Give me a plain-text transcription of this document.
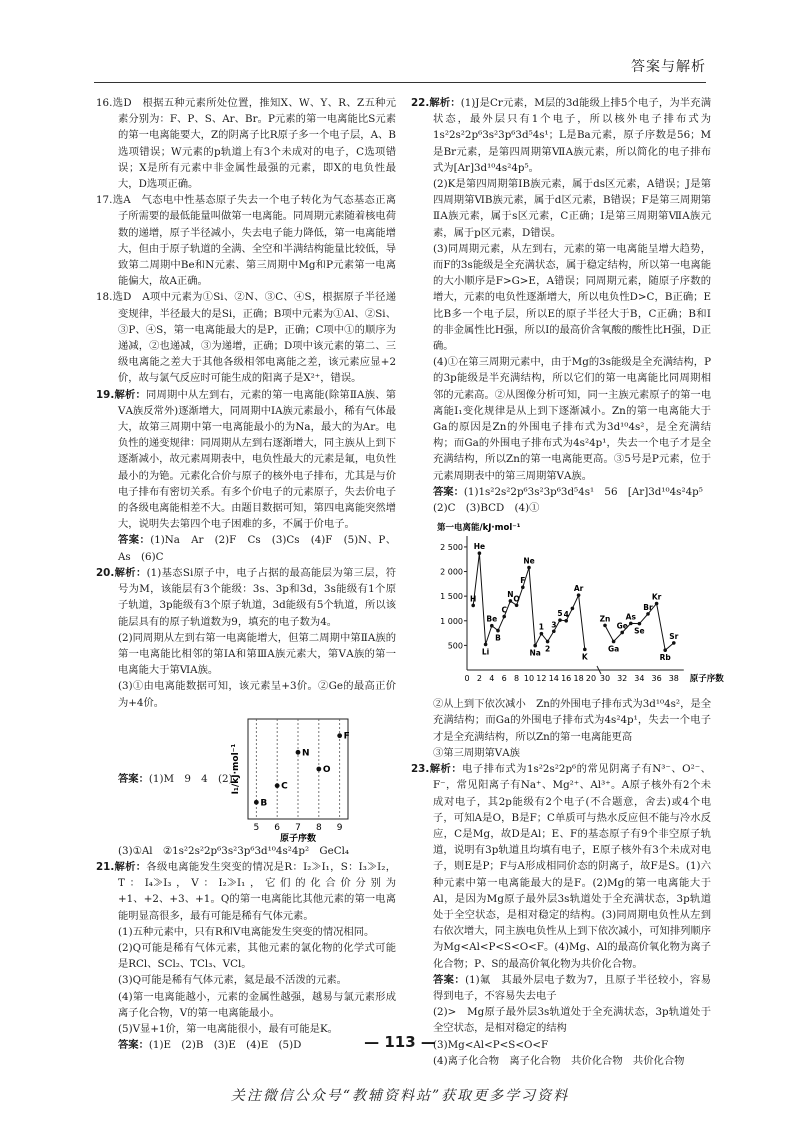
答案与解析

16.选D　根据五种元素所处位置，推知X、W、Y、R、Z五种元素分别为：F、P、S、Ar、Br。P元素的第一电离能比S元素的第一电离能要大，Z的阴离子比R原子多一个电子层，A、B选项错误；W元素的p轨道上有3个未成对的电子，C选项错误；X是所有元素中非金属性最强的元素，即X的电负性最大，D选项正确。

17.选A　气态电中性基态原子失去一个电子转化为气态基态正离子所需要的最低能量叫做第一电离能。同周期元素随着核电荷数的递增，原子半径减小，失去电子能力降低，第一电离能增大，但由于原子轨道的全满、全空和半满结构能量比较低，导致第二周期中Be和N元素、第三周期中Mg和P元素第一电离能偏大，故A正确。

18.选D　A项中元素为①Si、②N、③C、④S，根据原子半径递变规律，半径最大的是Si，正确；B项中元素为①Al、②Si、③P、④S，第一电离能最大的是P，正确；C项中①的顺序为递减，②也递减，③为递增，正确；D项中该元素的第二、三级电离能之差大于其他各级相邻电离能之差，该元素应显+2价，故与氯气反应时可能生成的阳离子是X²⁺，错误。

19.解析：同周期中从左到右，元素的第一电离能(除第ⅡA族、第ⅤA族反常外)逐渐增大，同周期中ⅠA族元素最小，稀有气体最大，故第三周期中第一电离能最小的为Na，最大的为Ar。电负性的递变规律：同周期从左到右逐渐增大，同主族从上到下逐渐减小，故元素周期表中，电负性最大的元素是氟，电负性最小的为铯。元素化合价与原子的核外电子排布，尤其是与价电子排布有密切关系。有多个价电子的元素原子，失去价电子的各级电离能相差不大。由题目数据可知，第四电离能突然增大，说明失去第四个电子困难的多，不属于价电子。

答案：(1)Na　Ar　(2)F　Cs　(3)Cs　(4)F　(5)N、P、As　(6)C

20.解析：(1)基态Si原子中，电子占据的最高能层为第三层，符号为M，该能层有3个能级：3s、3p和3d，3s能级有1个原子轨道，3p能级有3个原子轨道，3d能级有5个轨道，所以该能层具有的原子轨道数为9，填充的电子数为4。

(2)同周期从左到右第一电离能增大，但第二周期中第ⅡA族的第一电离能比相邻的第ⅠA和第ⅢA族元素大，第ⅤA族的第一电离能大于第ⅥA族。

(3)①由电离能数据可知，该元素呈+3价。②Ge的最高正价为+4价。

答案：(1)M　9　4　(2)
5 6 7 8 9
B
C
N
O
F
原子序数
I₁/kJ·mol⁻¹

(3)①Al　②1s²2s²2p⁶3s²3p⁶3d¹⁰4s²4p²　GeCl₄

21.解析：各级电离能发生突变的情况是R：I₂≫I₁，S：I₃≫I₂，T：I₄≫I₃，V：I₂≫I₁，它们的化合价分别为+1、+2、+3、+1。Q的第一电离能比其他元素的第一电离能明显高很多，最有可能是稀有气体元素。

(1)五种元素中，只有R和V电离能发生突变的情况相同。

(2)Q可能是稀有气体元素，其他元素的氯化物的化学式可能是RCl、SCl₂、TCl₃、VCl。

(3)Q可能是稀有气体元素，氦是最不活泼的元素。

(4)第一电离能越小，元素的金属性越强，越易与氯元素形成离子化合物，V的第一电离能最小。

(5)V显+1价，第一电离能很小，最有可能是K。

答案：(1)E　(2)B　(3)E　(4)E　(5)D

22.解析：(1)J是Cr元素，M层的3d能级上排5个电子，为半充满状态，最外层只有1个电子，所以核外电子排布式为1s²2s²2p⁶3s²3p⁶3d⁵4s¹；L是Ba元素，原子序数是56；M是Br元素，是第四周期第ⅦA族元素，所以简化的电子排布式为[Ar]3d¹⁰4s²4p⁵。

(2)K是第四周期第ⅠB族元素，属于ds区元素，A错误；J是第四周期第ⅥB族元素，属于d区元素，B错误；F是第三周期第ⅡA族元素，属于s区元素，C正确；I是第三周期第ⅦA族元素，属于p区元素，D错误。

(3)同周期元素，从左到右，元素的第一电离能呈增大趋势，而F的3s能级是全充满状态，属于稳定结构，所以第一电离能的大小顺序是F>G>E，A错误；同周期元素，随原子序数的增大，元素的电负性逐渐增大，所以电负性D>C，B正确；E比B多一个电子层，所以E的原子半径大于B，C正确；B和I的非金属性比H强，所以I的最高价含氧酸的酸性比H强，D正确。

(4)①在第三周期元素中，由于Mg的3s能级是全充满结构，P的3p能级是半充满结构，所以它们的第一电离能比同周期相邻的元素高。②从图像分析可知，同一主族元素原子的第一电离能I₁变化规律是从上到下逐渐减小。Zn的第一电离能大于Ga的原因是Zn的外围电子排布式为3d¹⁰4s²，是全充满结构；而Ga的外围电子排布式为4s²4p¹，失去一个电子才是全充满结构，所以Zn的第一电离能更高。③5号是P元素，位于元素周期表中的第三周期第ⅤA族。

答案：(1)1s²2s²2p⁶3s²3p⁶3d⁵4s¹　56　[Ar]3d¹⁰4s²4p⁵

(2)C　(3)BCD　(4)①

第一电离能/kJ·mol⁻¹
500
1 000
1 500
2 000
2 500
0 2 4 6 8 10 12 14 16 18 20 30 32 34 36 38 原子序数
H
He
Li
Be
B
C
N O
F
Ne
Na
1
2
3
5 4
Ar
K
Zn
Ga
Ge
As
Se
Br
Kr
Rb
Sr

②从上到下依次减小　Zn的外围电子排布式为3d¹⁰4s²，是全充满结构；而Ga的外围电子排布式为4s²4p¹，失去一个电子才是全充满结构，所以Zn的第一电离能更高

③第三周期第ⅤA族

23.解析：电子排布式为1s²2s²2p⁶的常见阴离子有N³⁻、O²⁻、F⁻，常见阳离子有Na⁺、Mg²⁺、Al³⁺。A原子核外有2个未成对电子，其2p能级有2个电子(不合题意，舍去)或4个电子，可知A是O，B是F；C单质可与热水反应但不能与冷水反应，C是Mg，故D是Al；E、F的基态原子有9个非空原子轨道，说明有3p轨道且均填有电子，E原子核外有3个未成对电子，则E是P；F与A形成相同价态的阴离子，故F是S。(1)六种元素中第一电离能最大的是F。(2)Mg的第一电离能大于Al，是因为Mg原子最外层3s轨道处于全充满状态，3p轨道处于全空状态，是相对稳定的结构。(3)同周期电负性从左到右依次增大，同主族电负性从上到下依次减小，可知排列顺序为Mg<Al<P<S<O<F。(4)Mg、Al的最高价氧化物为离子化合物；P、S的最高价氧化物为共价化合物。

答案：(1)氟　其最外层电子数为7，且原子半径较小，容易得到电子，不容易失去电子

(2)>　Mg原子最外层3s轨道处于全充满状态，3p轨道处于全空状态，是相对稳定的结构

(3)Mg<Al<P<S<O<F

(4)离子化合物　离子化合物　共价化合物　共价化合物

— 113 —
关注微信公众号“教辅资料站”获取更多学习资料
